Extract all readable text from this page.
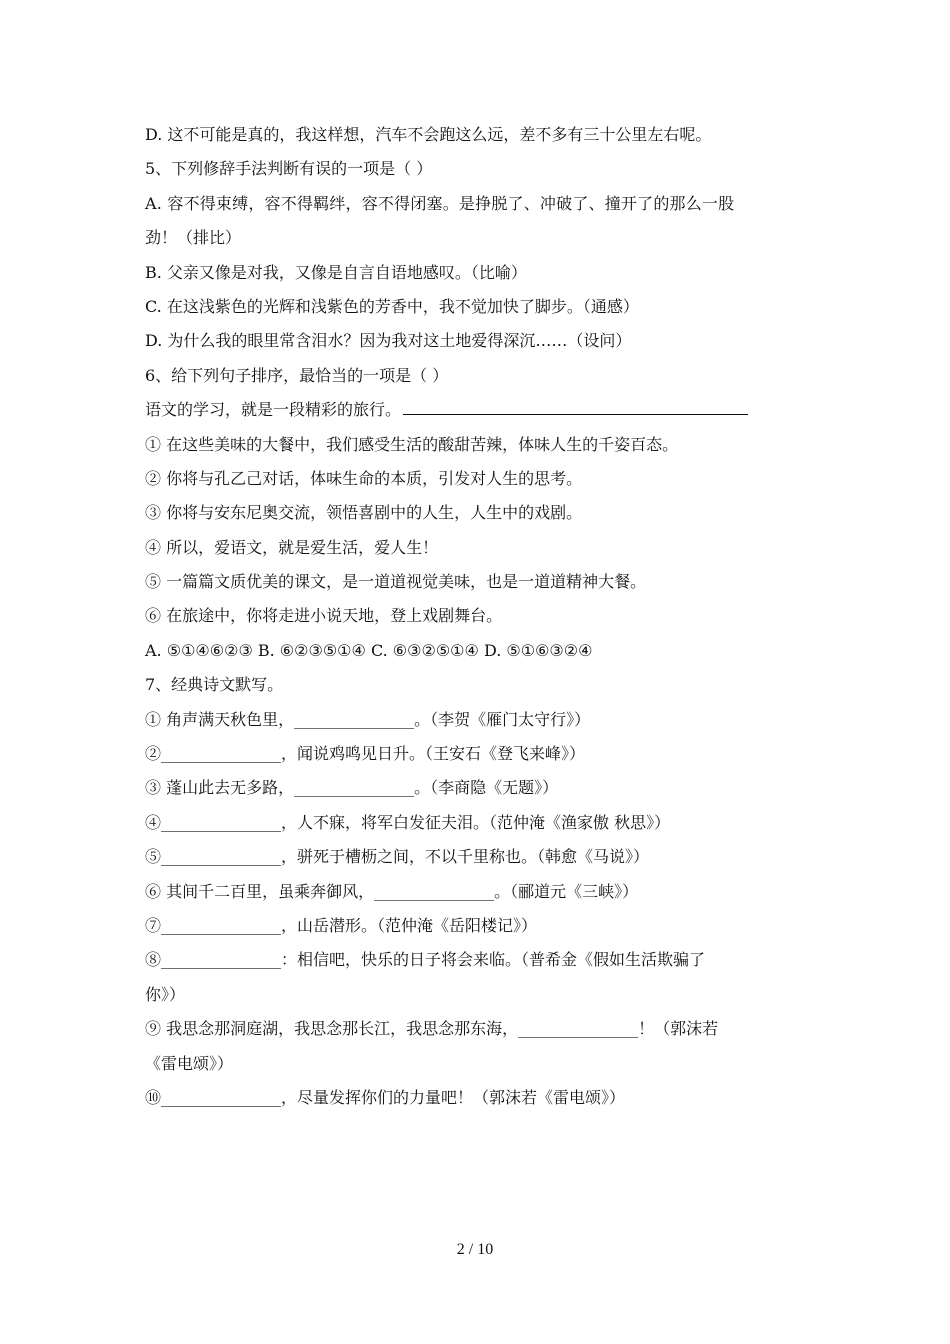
D. 这不可能是真的，我这样想，汽车不会跑这么远，差不多有三十公里左右呢。
5、下列修辞手法判断有误的一项是（ ）
A. 容不得束缚，容不得羁绊，容不得闭塞。是挣脱了、冲破了、撞开了的那么一股
劲！（排比）
B. 父亲又像是对我，又像是自言自语地感叹。（比喻）
C. 在这浅紫色的光辉和浅紫色的芳香中，我不觉加快了脚步。（通感）
D. 为什么我的眼里常含泪水？因为我对这土地爱得深沉……（设问）
6、给下列句子排序，最恰当的一项是（ ）
语文的学习，就是一段精彩的旅行。
① 在这些美味的大餐中，我们感受生活的酸甜苦辣，体味人生的千姿百态。
② 你将与孔乙己对话，体味生命的本质，引发对人生的思考。
③ 你将与安东尼奥交流，领悟喜剧中的人生，人生中的戏剧。
④ 所以，爱语文，就是爱生活，爱人生！
⑤ 一篇篇文质优美的课文，是一道道视觉美味，也是一道道精神大餐。
⑥ 在旅途中，你将走进小说天地，登上戏剧舞台。
A. ⑤①④⑥②③ B. ⑥②③⑤①④ C. ⑥③②⑤①④ D. ⑤①⑥③②④
7、经典诗文默写。
① 角声满天秋色里，_______________。（李贺《雁门太守行》）
②_______________，闻说鸡鸣见日升。（王安石《登飞来峰》）
③ 蓬山此去无多路，_______________。（李商隐《无题》）
④_______________，人不寐，将军白发征夫泪。（范仲淹《渔家傲 秋思》）
⑤_______________，骈死于槽枥之间，不以千里称也。（韩愈《马说》）
⑥ 其间千二百里，虽乘奔御风，_______________。（郦道元《三峡》）
⑦_______________，山岳潜形。（范仲淹《岳阳楼记》）
⑧_______________：相信吧，快乐的日子将会来临。（普希金《假如生活欺骗了
你》）
⑨ 我思念那洞庭湖，我思念那长江，我思念那东海，_______________！（郭沫若
《雷电颂》）
⑩_______________，尽量发挥你们的力量吧！（郭沫若《雷电颂》）
2 / 10
